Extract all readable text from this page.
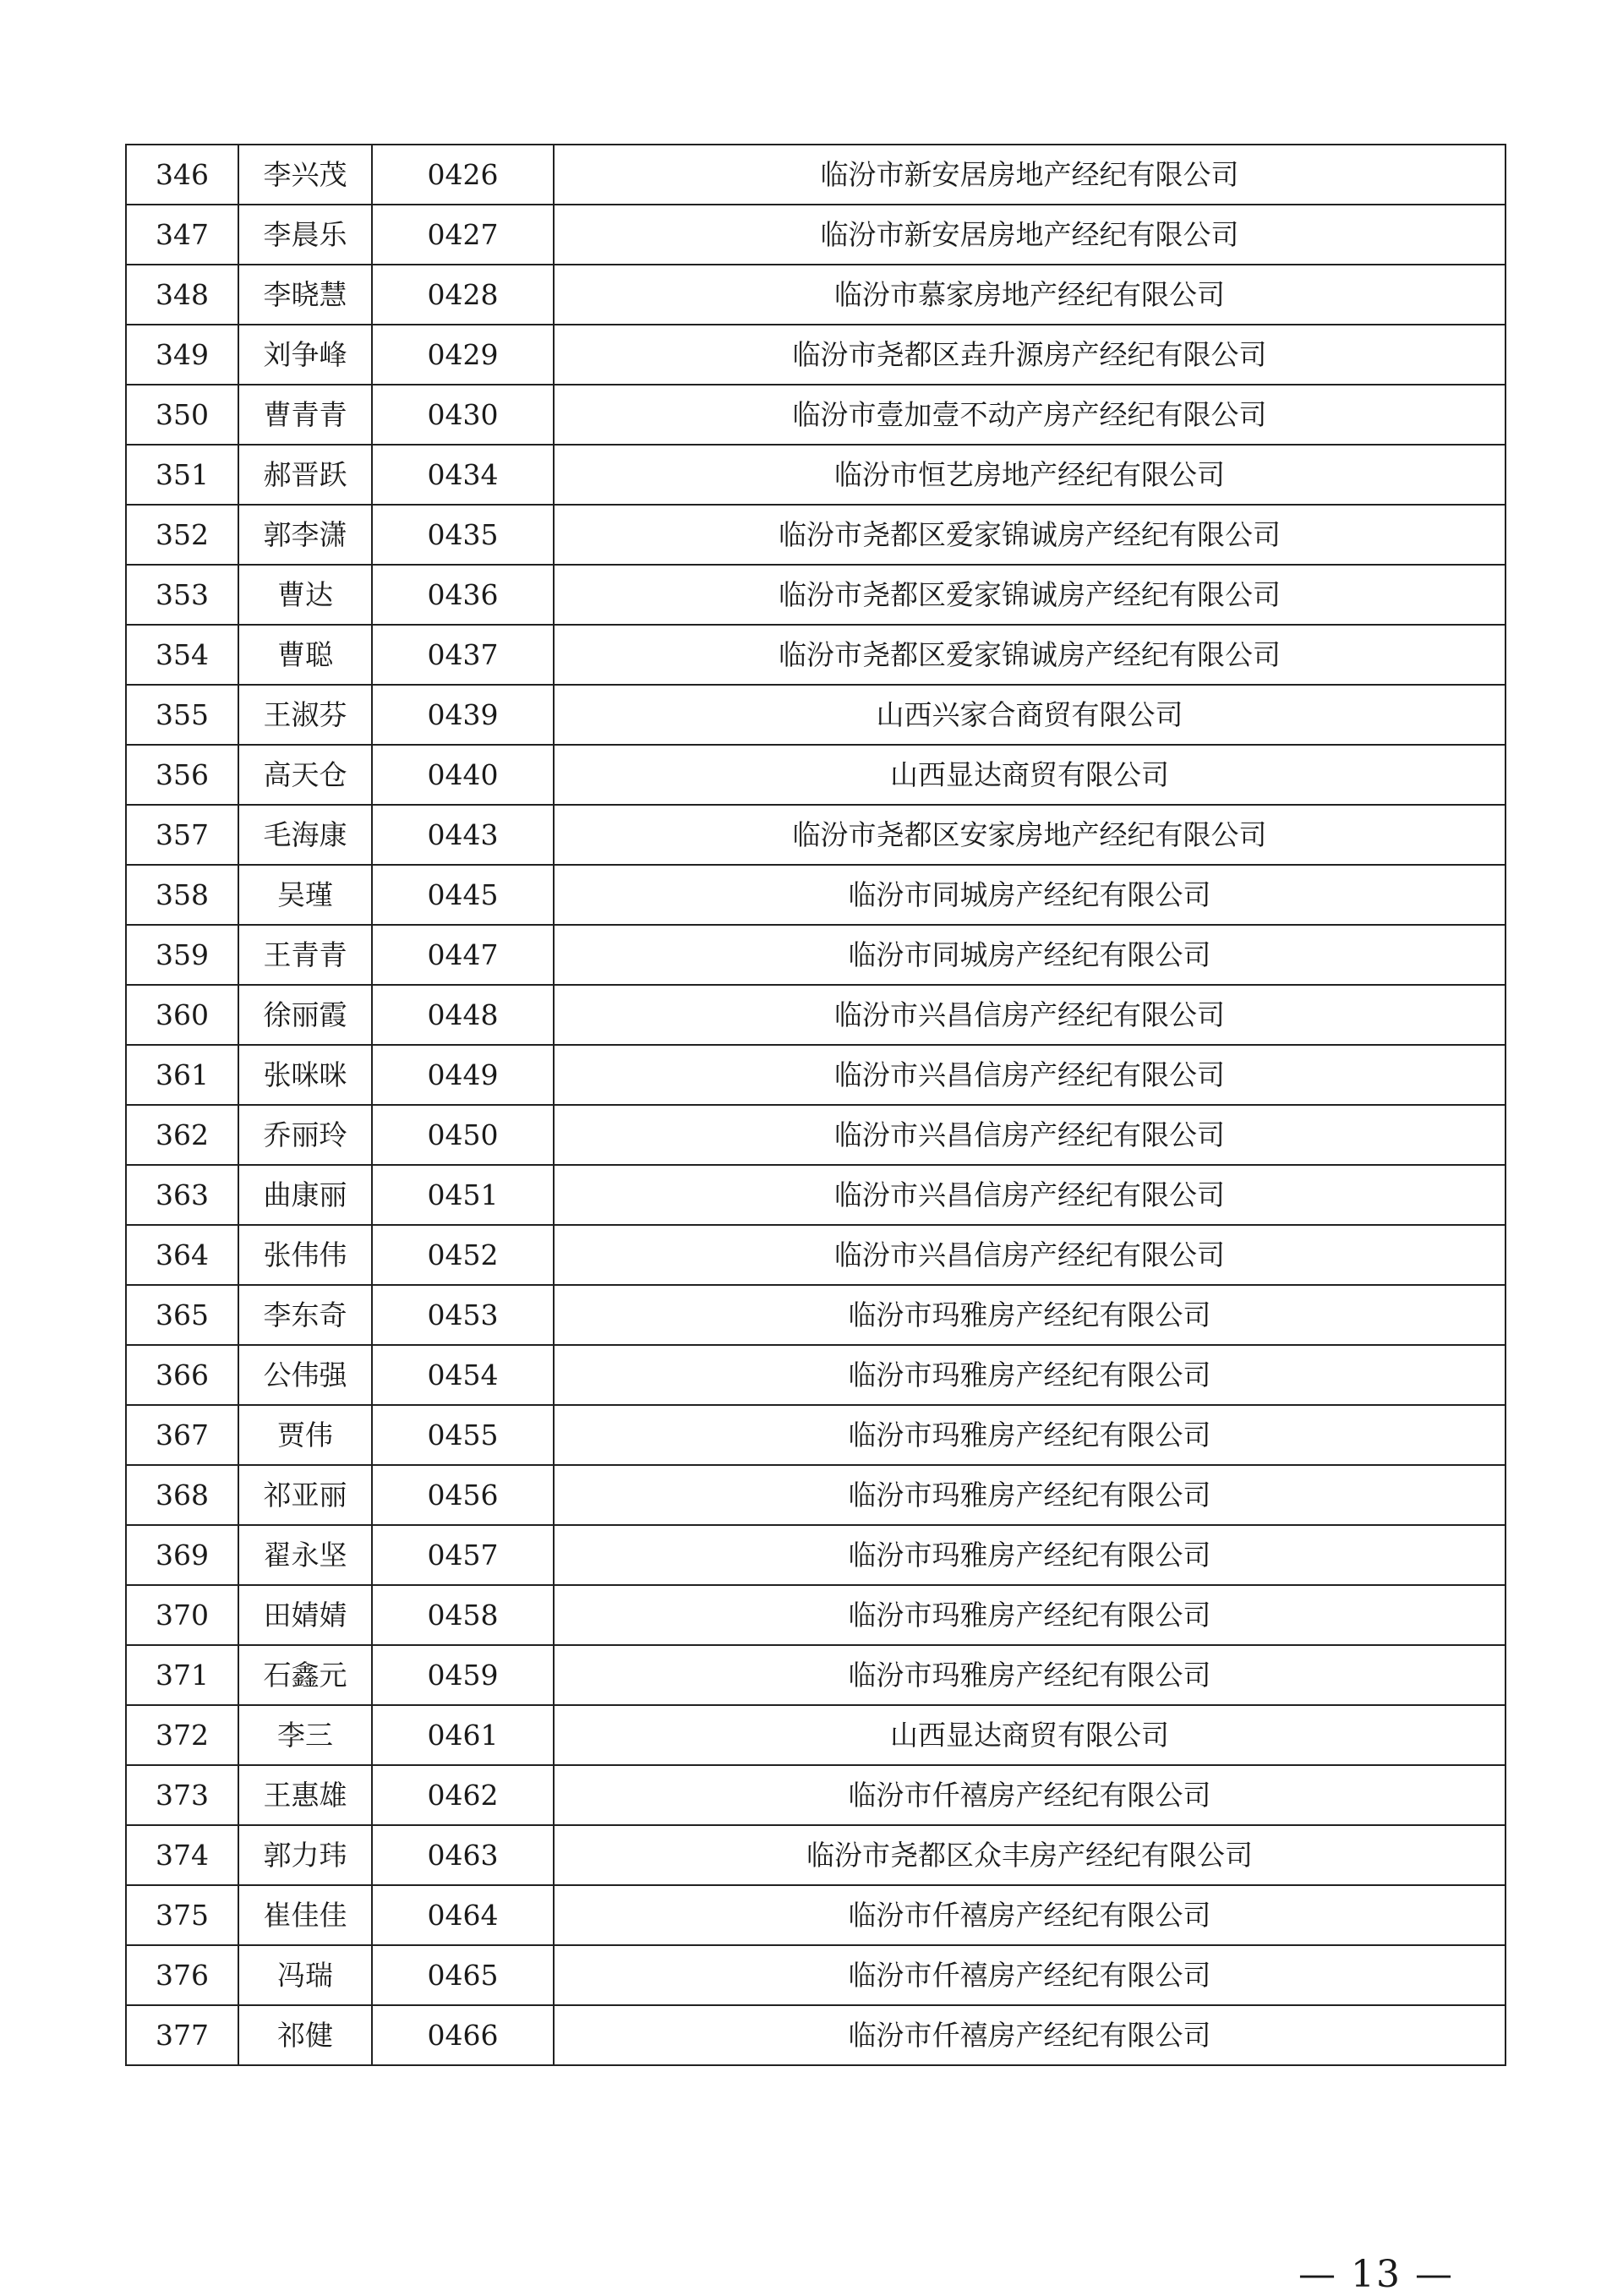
346	李兴茂	0426	临汾市新安居房地产经纪有限公司
347	李晨乐	0427	临汾市新安居房地产经纪有限公司
348	李晓慧	0428	临汾市慕家房地产经纪有限公司
349	刘争峰	0429	临汾市尧都区垚升源房产经纪有限公司
350	曹青青	0430	临汾市壹加壹不动产房产经纪有限公司
351	郝晋跃	0434	临汾市恒艺房地产经纪有限公司
352	郭李潇	0435	临汾市尧都区爱家锦诚房产经纪有限公司
353	曹达	0436	临汾市尧都区爱家锦诚房产经纪有限公司
354	曹聪	0437	临汾市尧都区爱家锦诚房产经纪有限公司
355	王淑芬	0439	山西兴家合商贸有限公司
356	高天仓	0440	山西显达商贸有限公司
357	毛海康	0443	临汾市尧都区安家房地产经纪有限公司
358	吴瑾	0445	临汾市同城房产经纪有限公司
359	王青青	0447	临汾市同城房产经纪有限公司
360	徐丽霞	0448	临汾市兴昌信房产经纪有限公司
361	张咪咪	0449	临汾市兴昌信房产经纪有限公司
362	乔丽玲	0450	临汾市兴昌信房产经纪有限公司
363	曲康丽	0451	临汾市兴昌信房产经纪有限公司
364	张伟伟	0452	临汾市兴昌信房产经纪有限公司
365	李东奇	0453	临汾市玛雅房产经纪有限公司
366	公伟强	0454	临汾市玛雅房产经纪有限公司
367	贾伟	0455	临汾市玛雅房产经纪有限公司
368	祁亚丽	0456	临汾市玛雅房产经纪有限公司
369	翟永坚	0457	临汾市玛雅房产经纪有限公司
370	田婧婧	0458	临汾市玛雅房产经纪有限公司
371	石鑫元	0459	临汾市玛雅房产经纪有限公司
372	李三	0461	山西显达商贸有限公司
373	王惠雄	0462	临汾市仟禧房产经纪有限公司
374	郭力玮	0463	临汾市尧都区众丰房产经纪有限公司
375	崔佳佳	0464	临汾市仟禧房产经纪有限公司
376	冯瑞	0465	临汾市仟禧房产经纪有限公司
377	祁健	0466	临汾市仟禧房产经纪有限公司
— 13 —
